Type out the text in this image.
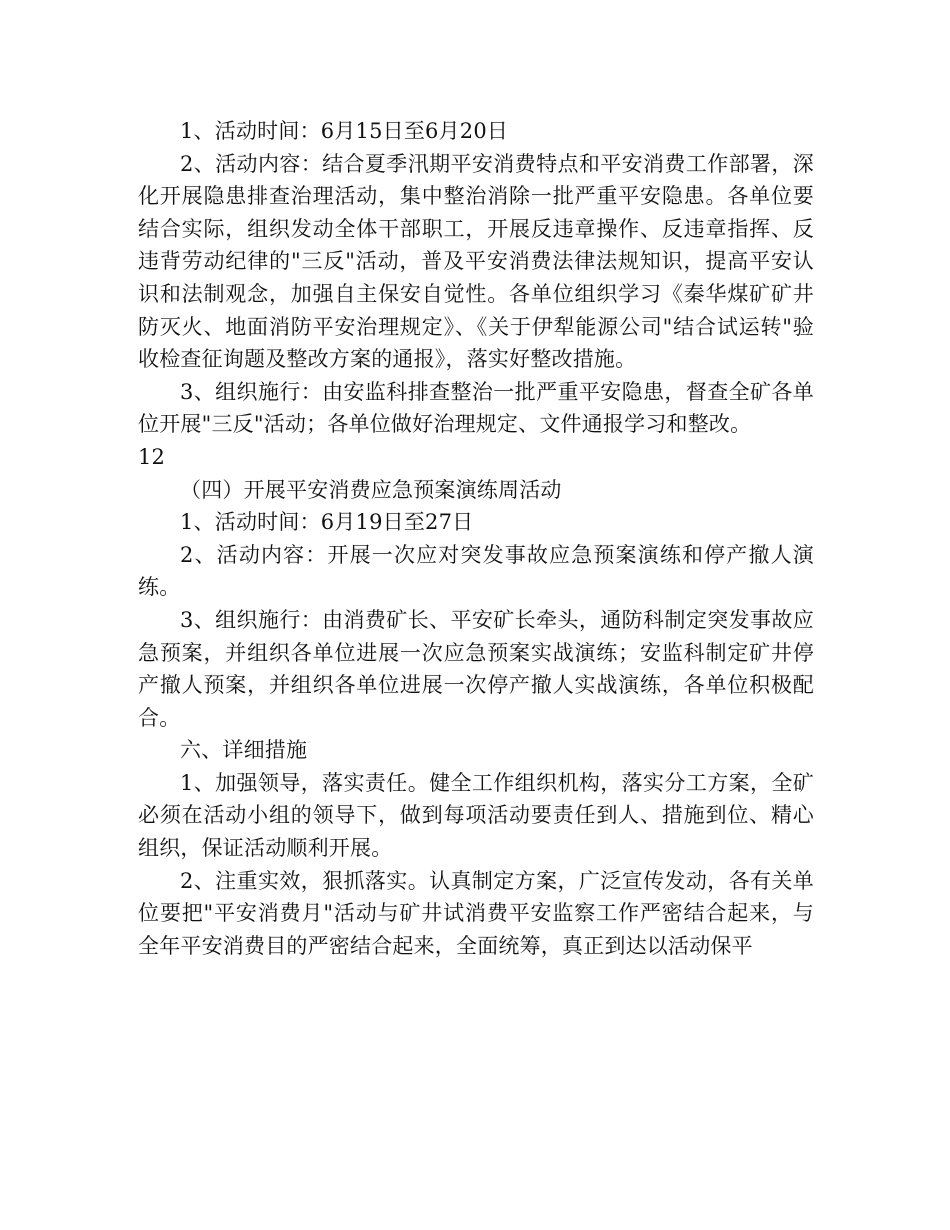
1、活动时间：6月15日至6月20日

2、活动内容：结合夏季汛期平安消费特点和平安消费工作部署，深化开展隐患排查治理活动，集中整治消除一批严重平安隐患。各单位要结合实际，组织发动全体干部职工，开展反违章操作、反违章指挥、反违背劳动纪律的"三反"活动，普及平安消费法律法规知识，提高平安认识和法制观念，加强自主保安自觉性。各单位组织学习《秦华煤矿矿井防灭火、地面消防平安治理规定》、《关于伊犁能源公司"结合试运转"验收检查征询题及整改方案的通报》，落实好整改措施。

3、组织施行：由安监科排查整治一批严重平安隐患，督查全矿各单位开展"三反"活动；各单位做好治理规定、文件通报学习和整改。

12

（四）开展平安消费应急预案演练周活动

1、活动时间：6月19日至27日

2、活动内容：开展一次应对突发事故应急预案演练和停产撤人演练。

3、组织施行：由消费矿长、平安矿长牵头，通防科制定突发事故应急预案，并组织各单位进展一次应急预案实战演练；安监科制定矿井停产撤人预案，并组织各单位进展一次停产撤人实战演练，各单位积极配合。

六、详细措施

1、加强领导，落实责任。健全工作组织机构，落实分工方案，全矿必须在活动小组的领导下，做到每项活动要责任到人、措施到位、精心组织，保证活动顺利开展。

2、注重实效，狠抓落实。认真制定方案，广泛宣传发动，各有关单位要把"平安消费月"活动与矿井试消费平安监察工作严密结合起来，与全年平安消费目的严密结合起来，全面统筹，真正到达以活动保平
